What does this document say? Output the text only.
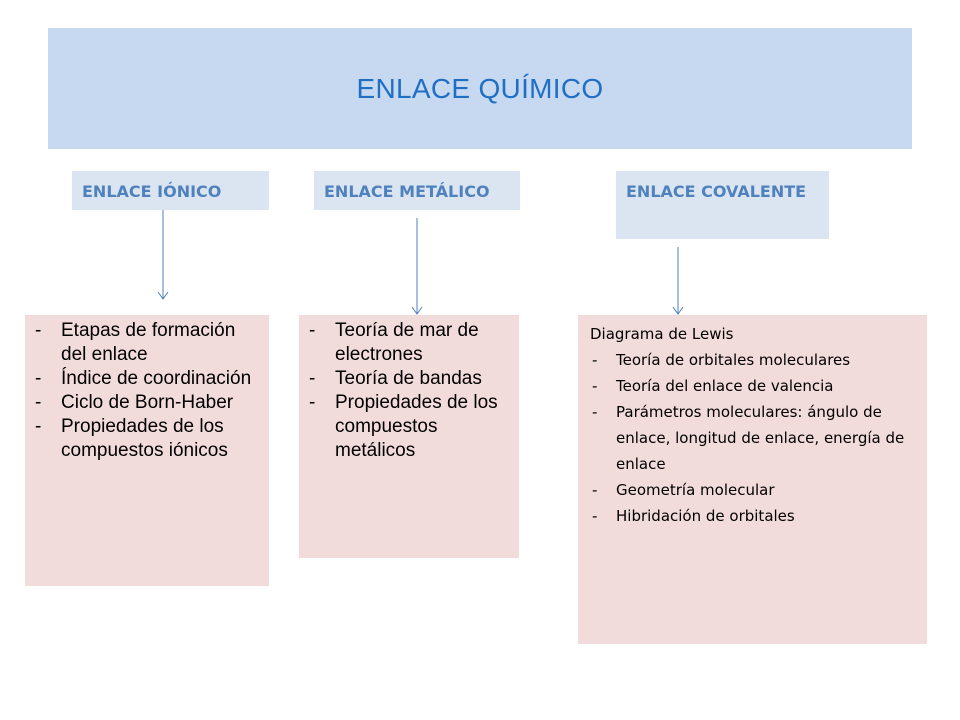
ENLACE QUÍMICO
ENLACE IÓNICO	ENLACE METÁLICO	ENLACE COVALENTE
- Etapas de formación del enlace
- Índice de coordinación
- Ciclo de Born-Haber
- Propiedades de los compuestos iónicos
- Teoría de mar de electrones
- Teoría de bandas
- Propiedades de los compuestos metálicos
Diagrama de Lewis
- Teoría de orbitales moleculares
- Teoría del enlace de valencia
- Parámetros moleculares: ángulo de enlace, longitud de enlace, energía de enlace
- Geometría molecular
- Hibridación de orbitales
